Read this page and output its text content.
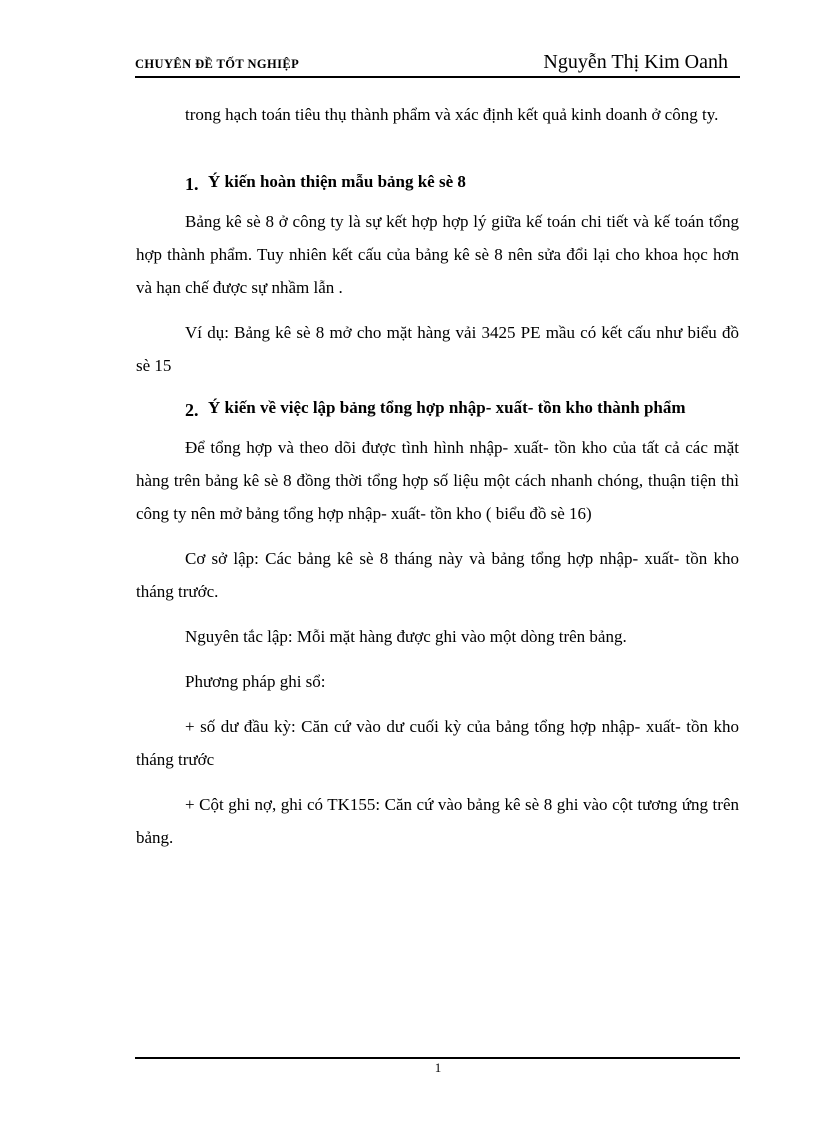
CHUYÊN ĐỀ TỐT NGHIỆP	Nguyễn Thị Kim Oanh

trong hạch toán tiêu thụ thành phẩm và xác định kết quả kinh doanh ở công ty.

1. Ý kiến hoàn thiện mẫu bảng kê sè 8

Bảng kê sè 8 ở công ty là sự kết hợp hợp lý giữa kế toán chi tiết và kế toán tổng hợp thành phẩm. Tuy nhiên kết cấu của bảng kê sè 8 nên sửa đổi lại cho khoa học hơn và hạn chế được sự nhầm lẫn .

Ví dụ: Bảng kê sè 8 mở cho mặt hàng vải 3425 PE mầu có kết cấu như biểu đồ sè 15

2. Ý kiến về việc lập bảng tổng hợp nhập- xuất- tồn kho thành phẩm

Để tổng hợp và theo dõi được tình hình nhập- xuất- tồn kho của tất cả các mặt hàng trên bảng kê sè 8 đồng thời tổng hợp số liệu một cách nhanh chóng, thuận tiện thì công ty nên mở bảng tổng hợp nhập- xuất- tồn kho ( biểu đồ sè 16)

Cơ sở lập: Các bảng kê sè 8 tháng này và bảng tổng hợp nhập- xuất- tồn kho tháng trước.

Nguyên tắc lập: Mỗi mặt hàng được ghi vào một dòng trên bảng.

Phương pháp ghi sổ:

+ số dư đầu kỳ: Căn cứ vào dư cuối kỳ của bảng tổng hợp nhập- xuất- tồn kho tháng trước

+ Cột ghi nợ, ghi có TK155: Căn cứ vào bảng kê sè 8 ghi vào cột tương ứng trên bảng.

1
